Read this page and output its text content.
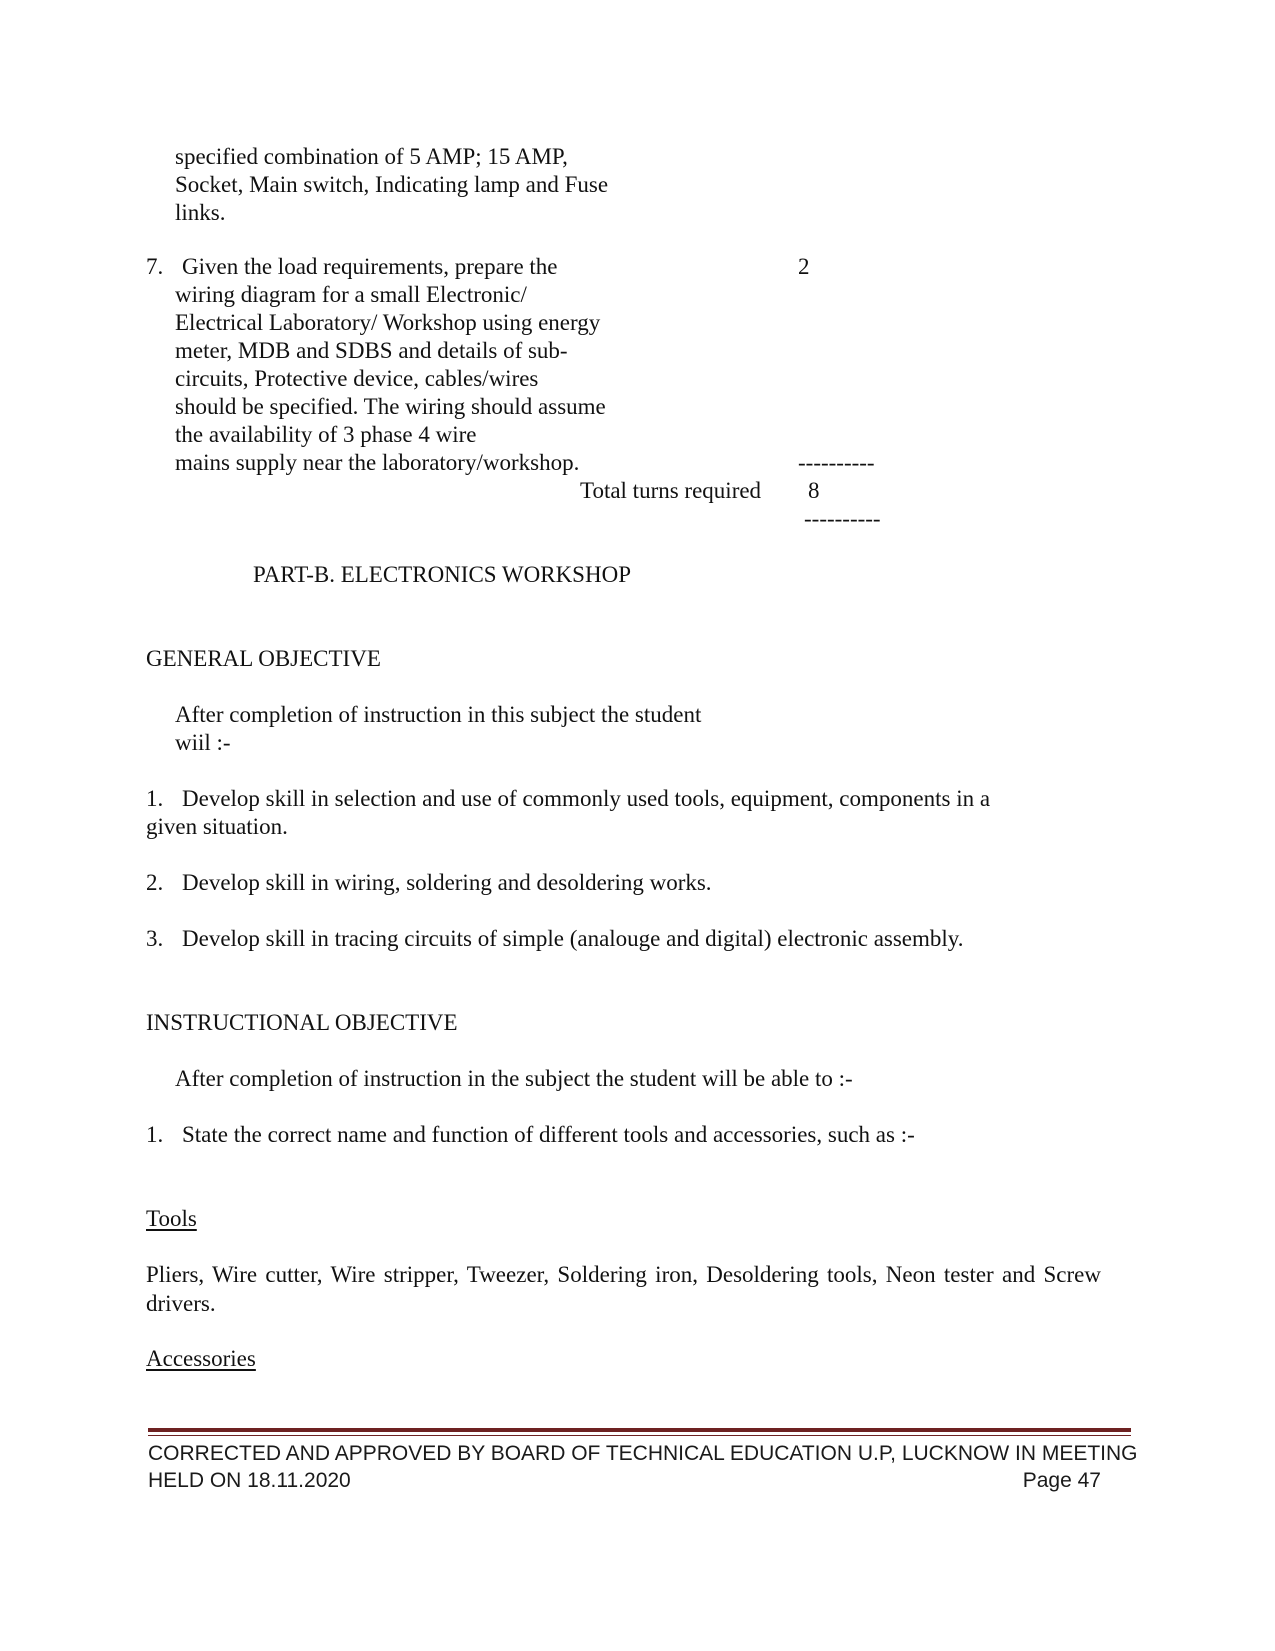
specified combination of 5 AMP; 15 AMP,

Socket, Main switch, Indicating lamp and Fuse

links.

7. Given the load requirements, prepare the

wiring diagram for a small Electronic/

Electrical Laboratory/ Workshop using energy

meter, MDB and SDBS and details of sub-

circuits, Protective device, cables/wires

should be specified. The wiring should assume

the availability of 3 phase 4 wire

mains supply near the laboratory/workshop.

2

----------

Total turns required 8

----------

PART-B. ELECTRONICS WORKSHOP

GENERAL OBJECTIVE

After completion of instruction in this subject the student

wiil :-

1. Develop skill in selection and use of commonly used tools, equipment, components in a

given situation.

2. Develop skill in wiring, soldering and desoldering works.

3. Develop skill in tracing circuits of simple (analouge and digital) electronic assembly.

INSTRUCTIONAL OBJECTIVE

After completion of instruction in the subject the student will be able to :-

1. State the correct name and function of different tools and accessories, such as :-

Tools

Pliers, Wire cutter, Wire stripper, Tweezer, Soldering iron, Desoldering tools, Neon tester and Screw drivers.

Accessories

CORRECTED AND APPROVED BY BOARD OF TECHNICAL EDUCATION U.P, LUCKNOW IN MEETING
HELD ON 18.11.2020	Page 47
